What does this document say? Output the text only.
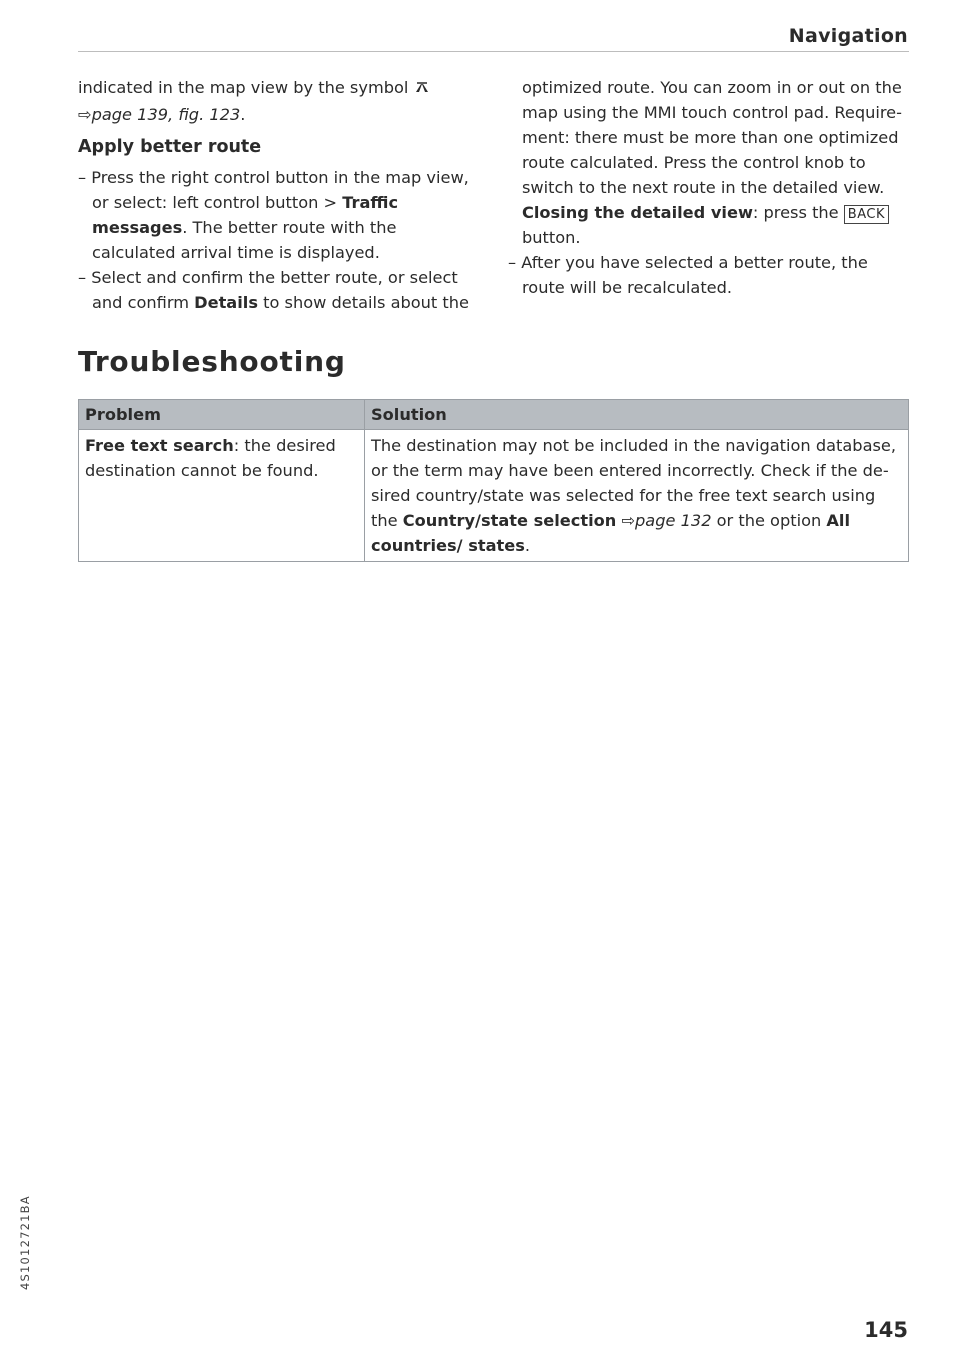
Navigation

indicated in the map view by the symbol
⇨page 139, fig. 123.

Apply better route

– Press the right control button in the map view, or select: left control button > Traffic messages. The better route with the calculated arrival time is displayed.

– Select and confirm the better route, or select and confirm Details to show details about the

optimized route. You can zoom in or out on the map using the MMI touch control pad. Requirement: there must be more than one optimized route calculated. Press the control knob to switch to the next route in the detailed view.
Closing the detailed view: press the BACK button.

– After you have selected a better route, the route will be recalculated.

Troubleshooting
Problem	Solution
Free text search: the desired destination cannot be found.	The destination may not be included in the navigation database, or the term may have been entered incorrectly. Check if the desired country/state was selected for the free text search using the Country/state selection ⇨page 132 or the option All countries/ states.
4S1012721BA
145
